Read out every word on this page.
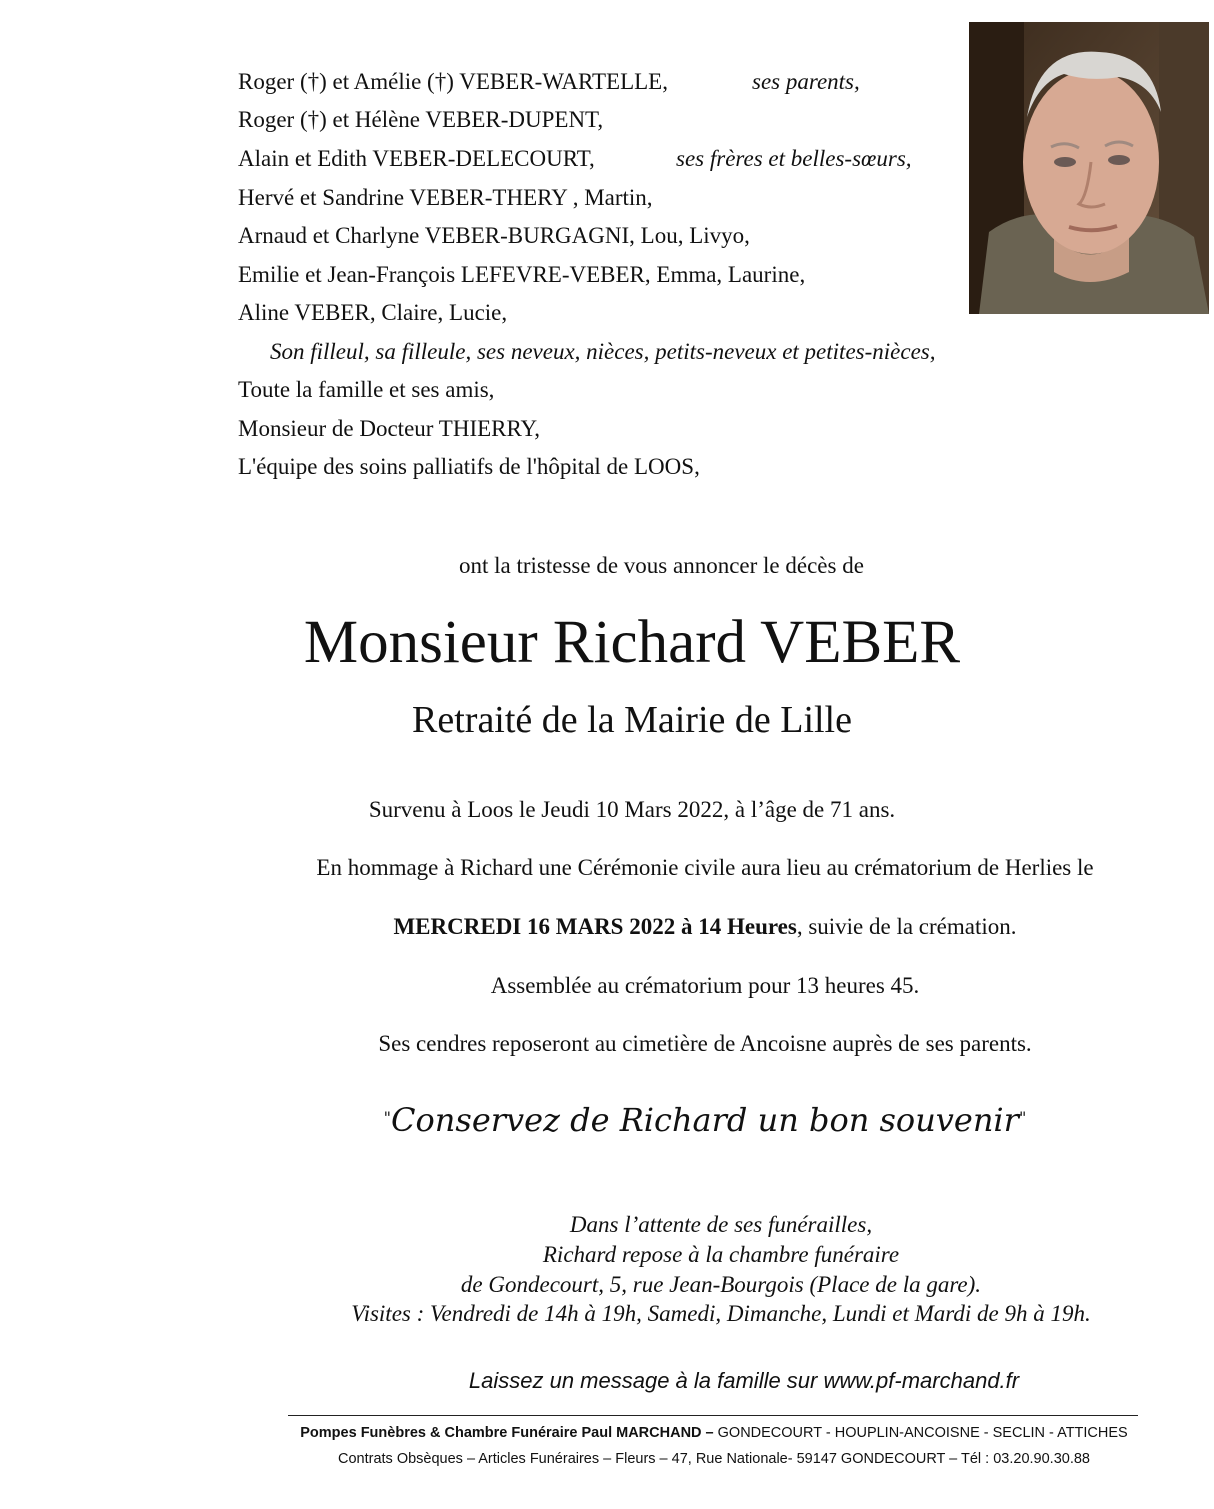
Roger (†) et Amélie (†) VEBER-WARTELLE,	ses parents,
Roger (†) et Hélène VEBER-DUPENT,
Alain et Edith VEBER-DELECOURT,	ses frères et belles-sœurs,
Hervé et Sandrine VEBER-THERY , Martin,
Arnaud et Charlyne VEBER-BURGAGNI, Lou, Livyo,
Emilie et Jean-François LEFEVRE-VEBER, Emma, Laurine,
Aline VEBER, Claire, Lucie,
Son filleul, sa filleule, ses neveux, nièces, petits-neveux et petites-nièces,
Toute la famille et ses amis,
Monsieur de Docteur THIERRY,
L'équipe des soins palliatifs de l'hôpital de LOOS,
ont la tristesse de vous annoncer le décès de
Monsieur Richard VEBER
Retraité de la Mairie de Lille
Survenu à Loos le Jeudi 10 Mars 2022, à l’âge de 71 ans.
En hommage à Richard une Cérémonie civile aura lieu au crématorium de Herlies le
MERCREDI 16 MARS 2022 à 14 Heures, suivie de la crémation.
Assemblée au crématorium pour 13 heures 45.
Ses cendres reposeront au cimetière de Ancoisne auprès de ses parents.
"Conservez de Richard un bon souvenir"
Dans l’attente de ses funérailles,
Richard repose à la chambre funéraire
de Gondecourt, 5, rue Jean-Bourgois (Place de la gare).
Visites : Vendredi de 14h à 19h, Samedi, Dimanche, Lundi et Mardi de 9h à 19h.
Laissez un message à la famille sur www.pf-marchand.fr
Pompes Funèbres & Chambre Funéraire Paul MARCHAND – GONDECOURT - HOUPLIN-ANCOISNE - SECLIN - ATTICHES
Contrats Obsèques – Articles Funéraires – Fleurs – 47, Rue Nationale- 59147 GONDECOURT – Tél : 03.20.90.30.88
